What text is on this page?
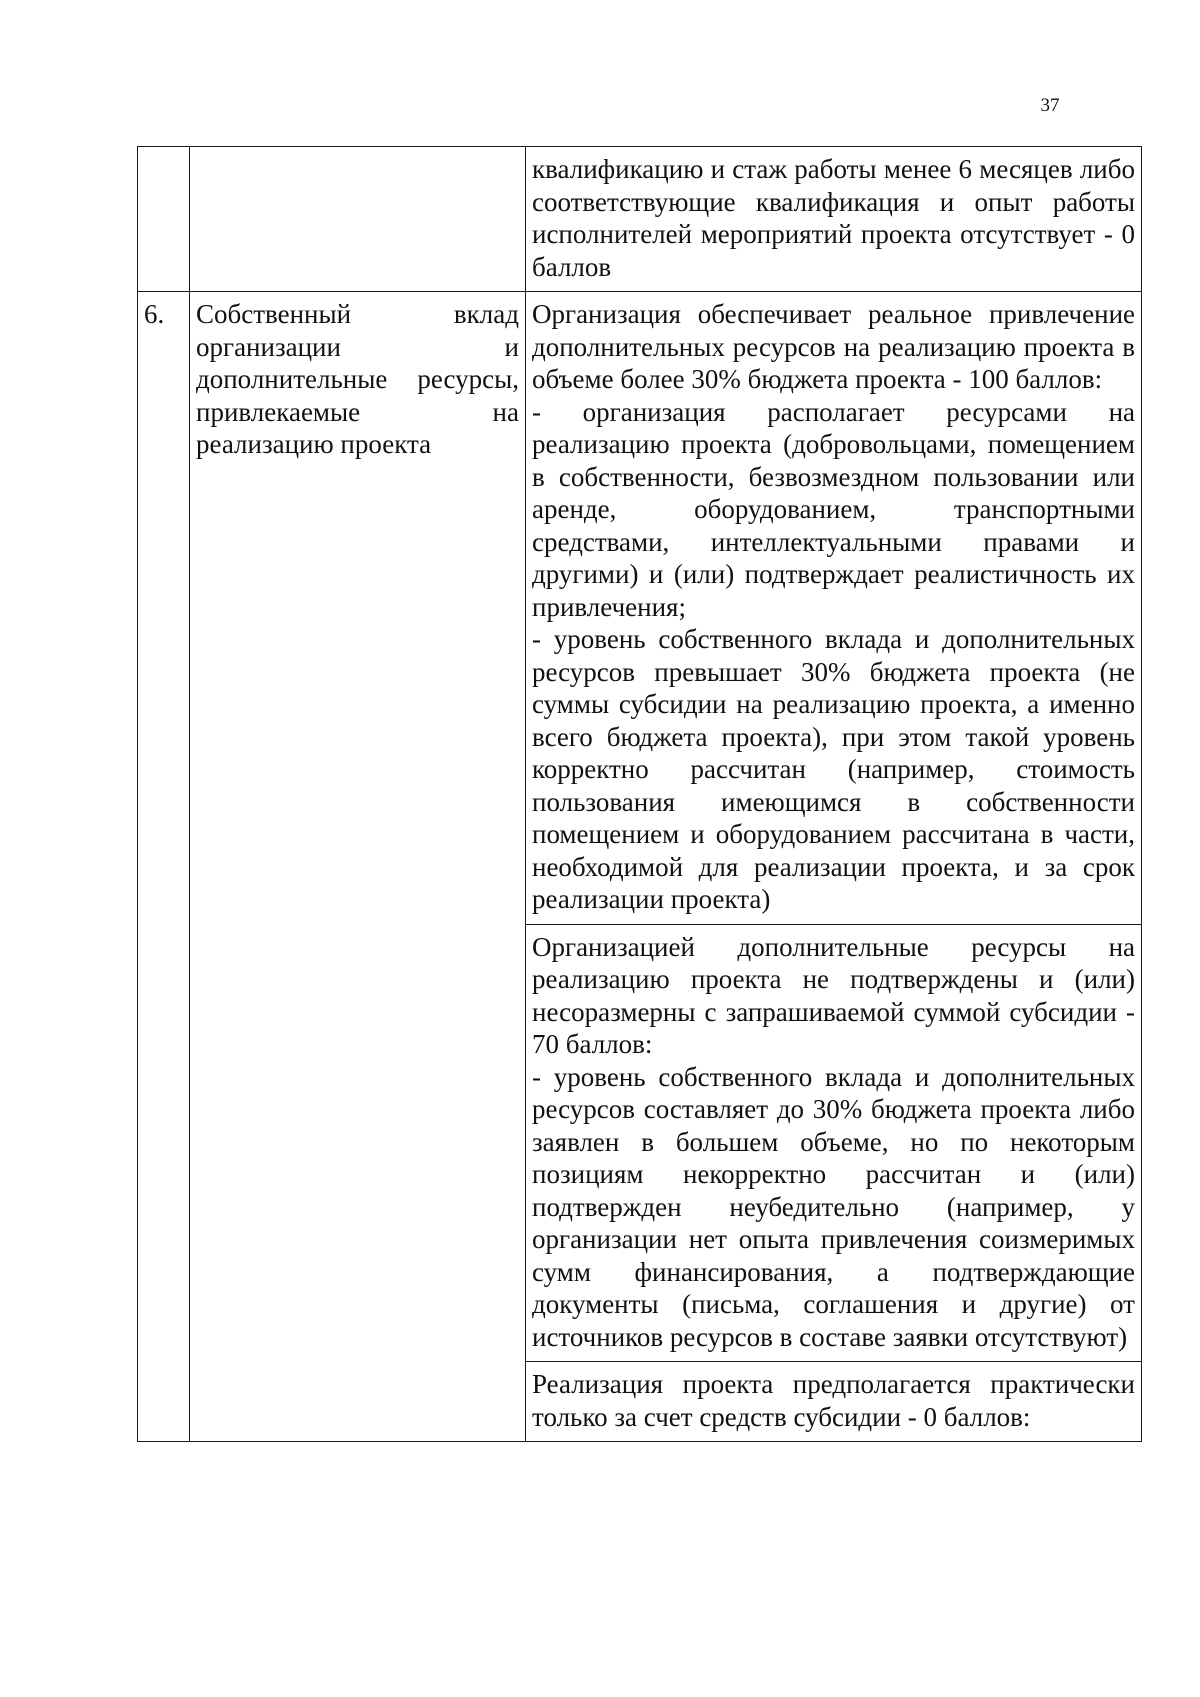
37
		квалификацию и стаж работы менее 6 месяцев либо соответствующие квалификация и опыт работы исполнителей мероприятий проекта отсутствует - 0 баллов
6.	Собственный вклад организации и дополнительные ресурсы, привлекаемые на реализацию проекта	Организация обеспечивает реальное привлечение дополнительных ресурсов на реализацию проекта в объеме более 30% бюджета проекта - 100 баллов:

- организация располагает ресурсами на реализацию проекта (добровольцами, помещением в собственности, безвозмездном пользовании или аренде, оборудованием, транспортными средствами, интеллектуальными правами и другими) и (или) подтверждает реалистичность их привлечения;

- уровень собственного вклада и дополнительных ресурсов превышает 30% бюджета проекта (не суммы субсидии на реализацию проекта, а именно всего бюджета проекта), при этом такой уровень корректно рассчитан (например, стоимость пользования имеющимся в собственности помещением и оборудованием рассчитана в части, необходимой для реализации проекта, и за срок реализации проекта)

		Организацией дополнительные ресурсы на реализацию проекта не подтверждены и (или) несоразмерны с запрашиваемой суммой субсидии - 70 баллов:

- уровень собственного вклада и дополнительных ресурсов составляет до 30% бюджета проекта либо заявлен в большем объеме, но по некоторым позициям некорректно рассчитан и (или) подтвержден неубедительно (например, у организации нет опыта привлечения соизмеримых сумм финансирования, а подтверждающие документы (письма, соглашения и другие) от источников ресурсов в составе заявки отсутствуют)

		Реализация проекта предполагается практически только за счет средств субсидии - 0 баллов:
